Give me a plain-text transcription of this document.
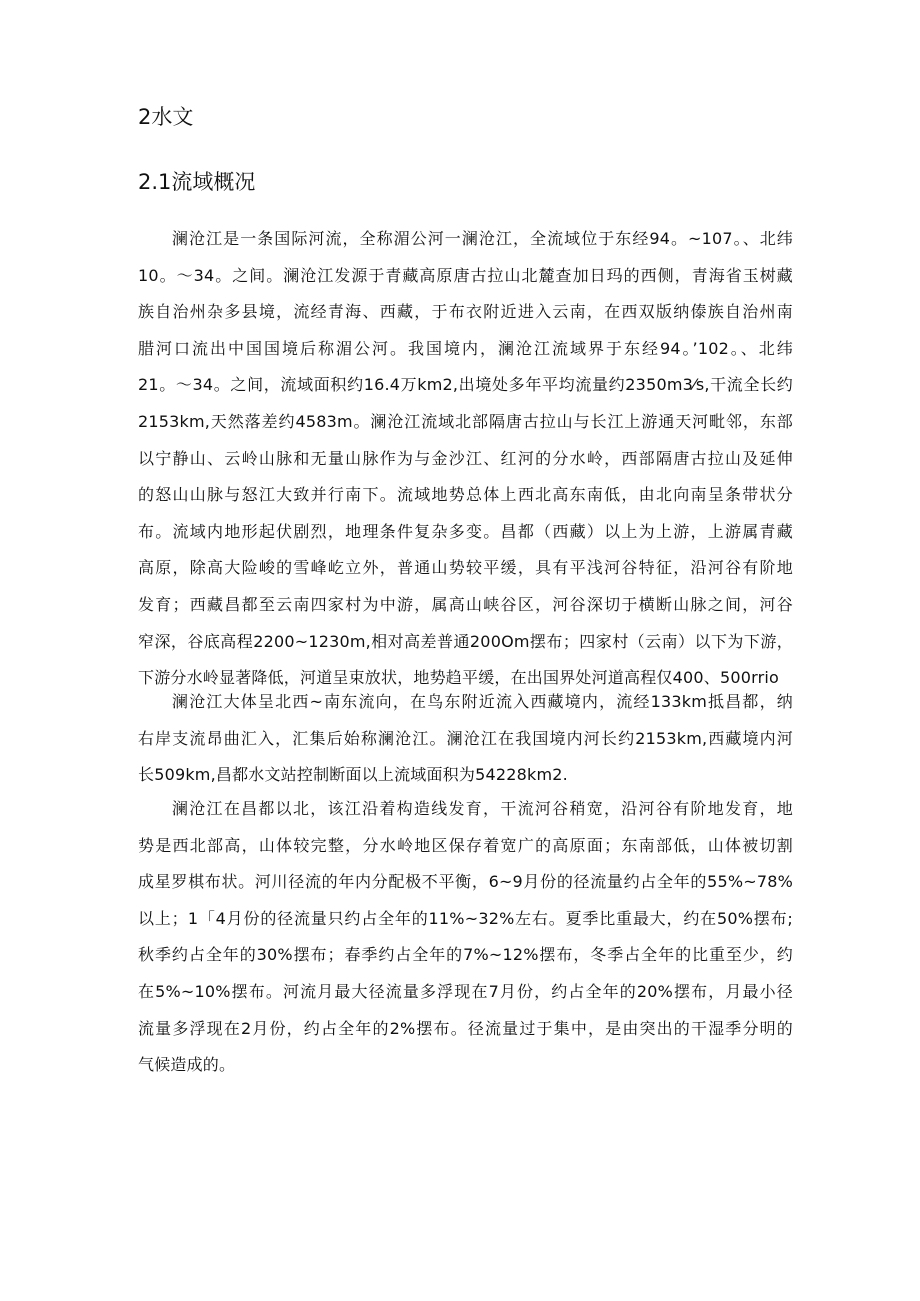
2水文
2.1流域概况
澜沧江是一条国际河流，全称湄公河一澜沧江，全流域位于东经94。~107。、北纬
10。～34。之间。澜沧江发源于青藏高原唐古拉山北麓查加日玛的西侧，青海省玉树藏
族自治州杂多县境，流经青海、西藏，于布衣附近进入云南，在西双版纳傣族自治州南
腊河口流出中国国境后称湄公河。我国境内，澜沧江流域界于东经94。’102。、北纬
21。～34。之间，流域面积约16.4万km2,出境处多年平均流量约2350m3⁄s,干流全长约
2153km,天然落差约4583m。澜沧江流域北部隔唐古拉山与长江上游通天河毗邻，东部
以宁静山、云岭山脉和无量山脉作为与金沙江、红河的分水岭，西部隔唐古拉山及延伸
的怒山山脉与怒江大致并行南下。流域地势总体上西北高东南低，由北向南呈条带状分
布。流域内地形起伏剧烈，地理条件复杂多变。昌都（西藏）以上为上游，上游属青藏
高原，除高大险峻的雪峰屹立外，普通山势较平缓，具有平浅河谷特征，沿河谷有阶地
发育；西藏昌都至云南四家村为中游，属高山峡谷区，河谷深切于横断山脉之间，河谷
窄深，谷底高程2200~1230m,相对高差普通200Om摆布；四家村（云南）以下为下游，
下游分水岭显著降低，河道呈束放状，地势趋平缓，在出国界处河道高程仅400、500rrio
澜沧江大体呈北西~南东流向，在鸟东附近流入西藏境内，流经133km抵昌都，纳
右岸支流昂曲汇入，汇集后始称澜沧江。澜沧江在我国境内河长约2153km,西藏境内河
长509km,昌都水文站控制断面以上流域面积为54228km2.
澜沧江在昌都以北，该江沿着构造线发育，干流河谷稍宽，沿河谷有阶地发育，地
势是西北部高，山体较完整，分水岭地区保存着宽广的高原面；东南部低，山体被切割
成星罗棋布状。河川径流的年内分配极不平衡，6~9月份的径流量约占全年的55%~78%
以上；1「4月份的径流量只约占全年的11%~32%左右。夏季比重最大，约在50%摆布;
秋季约占全年的30%摆布；春季约占全年的7%~12%摆布，冬季占全年的比重至少，约
在5%~10%摆布。河流月最大径流量多浮现在7月份，约占全年的20%摆布，月最小径
流量多浮现在2月份，约占全年的2%摆布。径流量过于集中，是由突出的干湿季分明的
气候造成的。
